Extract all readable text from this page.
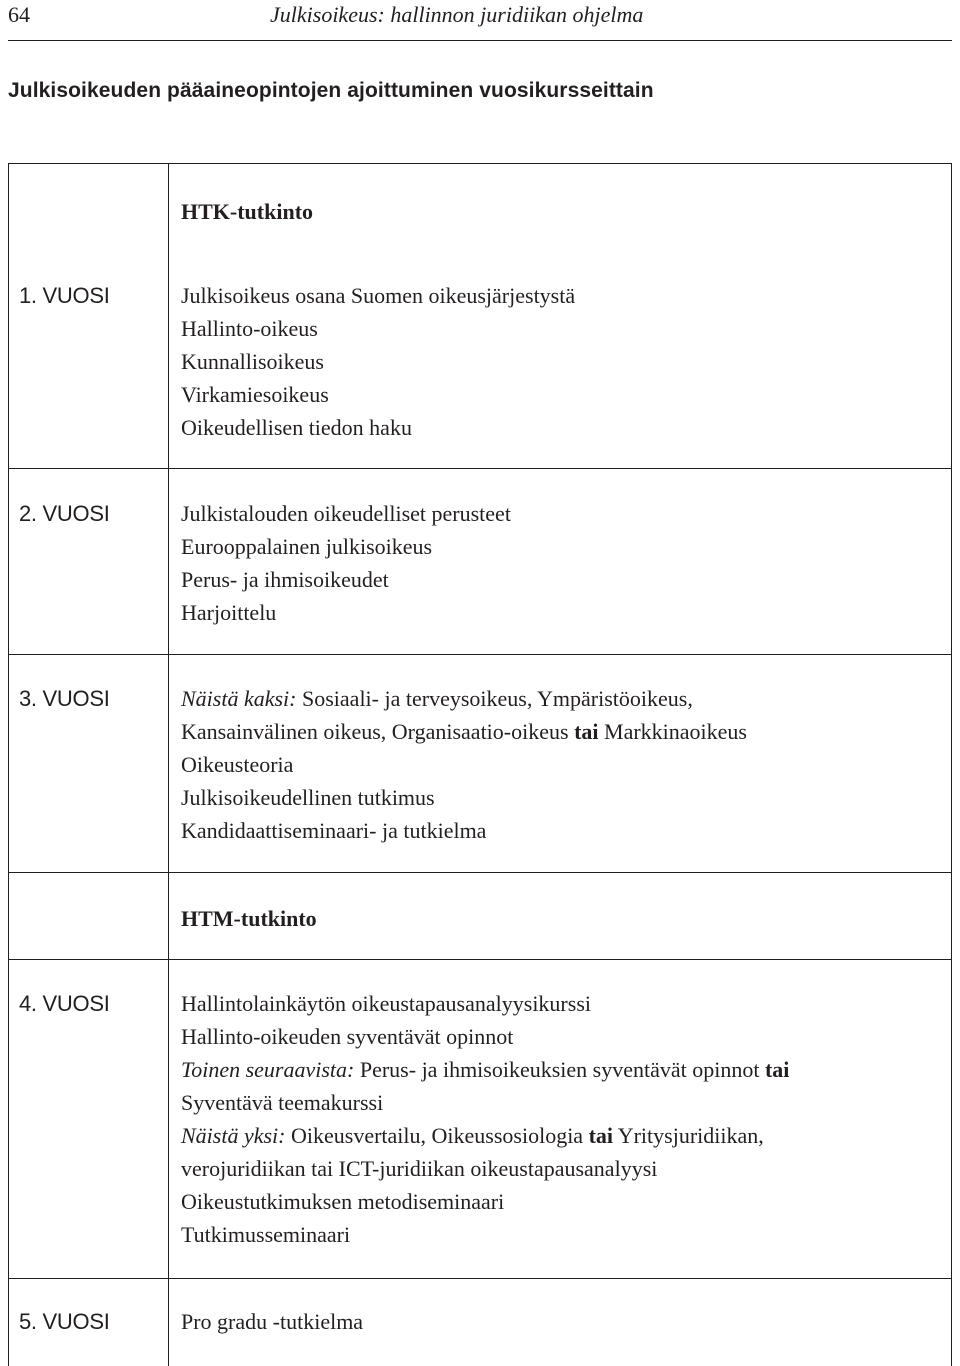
64	Julkisoikeus: hallinnon juridiikan ohjelma
Julkisoikeuden pääaineopintojen ajoittuminen vuosikursseittain
HTK-tutkinto
1. VUOSI	Julkisoikeus osana Suomen oikeusjärjestystä
Hallinto-oikeus
Kunnallisoikeus
Virkamiesoikeus
Oikeudellisen tiedon haku
2. VUOSI	Julkistalouden oikeudelliset perusteet
Eurooppalainen julkisoikeus
Perus- ja ihmisoikeudet
Harjoittelu
3. VUOSI	Näistä kaksi: Sosiaali- ja terveysoikeus, Ympäristöoikeus,
Kansainvälinen oikeus, Organisaatio-oikeus tai Markkinaoikeus
Oikeusteoria
Julkisoikeudellinen tutkimus
Kandidaattiseminaari- ja tutkielma
HTM-tutkinto
4. VUOSI	Hallintolainkäytön oikeustapausanalyysikurssi
Hallinto-oikeuden syventävät opinnot
Toinen seuraavista: Perus- ja ihmisoikeuksien syventävät opinnot tai
Syventävä teemakurssi
Näistä yksi: Oikeusvertailu, Oikeussosiologia tai Yritysjuridiikan,
verojuridiikan tai ICT-juridiikan oikeustapausanalyysi
Oikeustutkimuksen metodiseminaari
Tutkimusseminaari
5. VUOSI	Pro gradu -tutkielma
